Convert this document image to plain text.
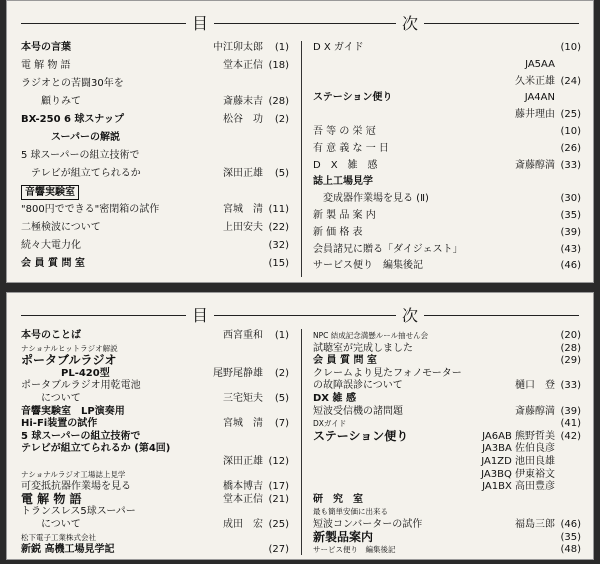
目	次
本号の言葉	中江卯太郎 (1)
電 解 物 語	堂本正信 (18)
ラジオとの苦闘30年を
　　顧りみて	斎藤末吉 (28)
BX-250 6 球スナップ	松谷　功 (2)
　　　スーパーの解説
5 球スーパーの組立技術で
　テレビが組立てられるか	深田正雄 (5)
音響実験室
"800円でできる"密閉箱の試作	宮城　清 (11)
二極検波について	上田安夫 (22)
続々大電力化	(32)
会 員 質 問 室	(15)
D X ガイド	(10)
JA5AA
久米正雄 (24)
ステーション便り	JA4AN
藤井理由 (25)
吾 等 の 栄 冠	(10)
有 意 義 な 一 日	(26)
D　X　雑　感	斎藤醇満 (33)
誌上工場見学
　変成器作業場を見る (Ⅱ)	(30)
新 製 品 案 内	(35)
新 価 格 表	(39)
会員諸兄に贈る「ダイジェスト」	(43)
サービス便り　編集後記	(46)
目	次
本号のことば	西宮重和 (1)
ナショナルヒットラジオ解説
ポータブルラジオ
　　　　PL-420型	尾野尾静雄 (2)
ポータブルラジオ用乾電池
　　について	三宅矩夫 (5)
音響実験室　LP演奏用
Hi-Fi装置の試作	宮城　清 (7)
5 球スーパーの組立技術で
テレビが組立てられるか (第4回)
深田正雄 (12)
ナショナルラジオ工場誌上見学
可変抵抗器作業場を見る	橋本博吉 (17)
電 解 物 語	堂本正信 (21)
トランスレス5球スーパー
　　について	成田　宏 (25)
松下電子工業株式会社
新鋭 高機工場見学記	(27)
NPC 結成記念満懸ルール抽せん会	(20)
試聴室が完成しました	(28)
会 員 質 問 室	(29)
クレームより見たフォノモーター
の故障誤診について	樋口　登 (33)
DX 雑 感
短波受信機の諸問題	斎藤醇満 (39)
DXガイド	(41)
ステーション便り	JA6AB 熊野哲美 (42)
JA3BA 佐伯良彦
JA1ZD 池田良雄
JA3BQ 伊東裕文
JA1BX 高田豊彦
研　究　室
最も簡単安価に出来る
短波コンバーターの試作	福島三郎 (46)
新製品案内	(35)
サービス便り　編集後記	(48)
